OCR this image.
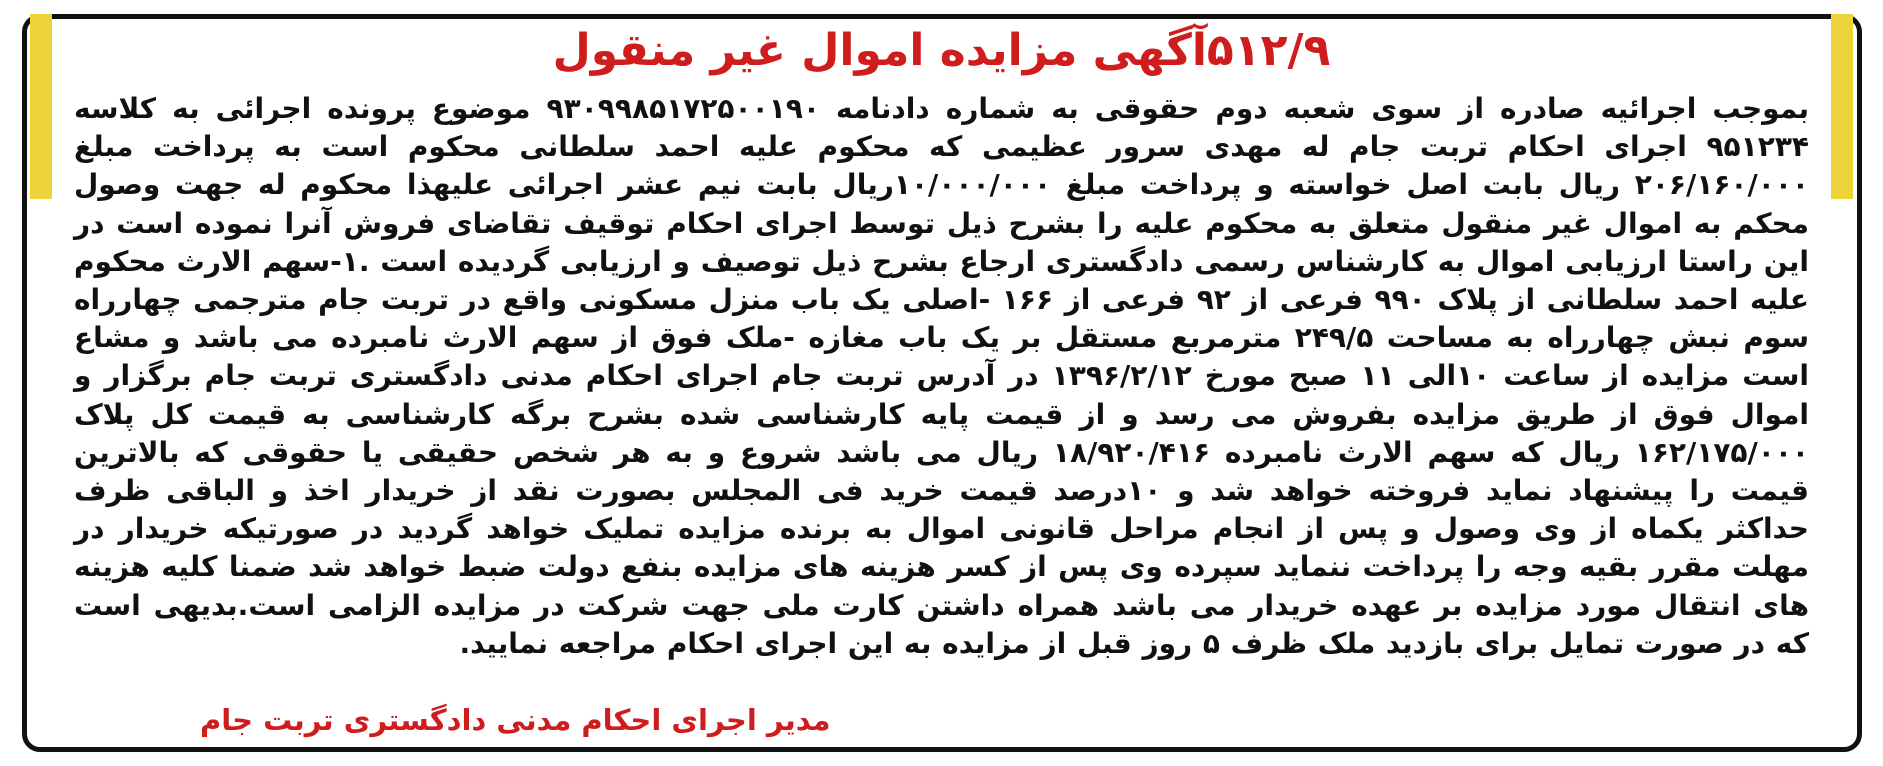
۵۱۲/۹آگهی مزایده اموال غیر منقول
بموجب اجرائیه صادره از سوی شعبه دوم حقوقی به شماره دادنامه ۹۳۰۹۹۸۵۱۷۲۵۰۰۱۹۰ موضوع پرونده اجرائی به کلاسه ۹۵۱۲۳۴ اجرای احکام تربت جام له مهدی سرور عظیمی که محکوم علیه احمد سلطانی محکوم است به پرداخت مبلغ ۲۰۶/۱۶۰/۰۰۰ ریال بابت اصل خواسته و پرداخت مبلغ ۱۰/۰۰۰/۰۰۰ریال بابت نیم عشر اجرائی علیهذا محکوم له جهت وصول محکم به اموال غیر منقول متعلق به محکوم علیه را بشرح ذیل توسط اجرای احکام توقیف تقاضای فروش آنرا نموده است در این راستا ارزیابی اموال به کارشناس رسمی دادگستری ارجاع بشرح ذیل توصیف و ارزیابی گردیده است .۱-سهم الارث محکوم علیه احمد سلطانی از پلاک ۹۹۰ فرعی از ۹۲ فرعی از ۱۶۶ -اصلی یک باب منزل مسکونی واقع در تربت جام مترجمی چهارراه سوم نبش چهارراه به مساحت ۲۴۹/۵ مترمربع مستقل بر یک باب مغازه -ملک فوق از سهم الارث نامبرده می باشد و مشاع است مزایده از ساعت ۱۰الی ۱۱ صبح مورخ ۱۳۹۶/۲/۱۲ در آدرس تربت جام اجرای احکام مدنی دادگستری تربت جام برگزار و اموال فوق از طریق مزایده بفروش می رسد و از قیمت پایه کارشناسی شده بشرح برگه کارشناسی به قیمت کل پلاک ۱۶۲/۱۷۵/۰۰۰ ریال که سهم الارث نامبرده ۱۸/۹۲۰/۴۱۶ ریال می باشد شروع و به هر شخص حقیقی یا حقوقی که بالاترین قیمت را پیشنهاد نماید فروخته خواهد شد و ۱۰درصد قیمت خرید فی المجلس بصورت نقد از خریدار اخذ و الباقی ظرف حداکثر یکماه از وی وصول و پس از انجام مراحل قانونی اموال به برنده مزایده تملیک خواهد گردید در صورتیکه خریدار در مهلت مقرر بقیه وجه را پرداخت ننماید سپرده وی پس از کسر هزینه های مزایده بنفع دولت ضبط خواهد شد ضمنا کلیه هزینه های انتقال مورد مزایده بر عهده خریدار می باشد همراه داشتن کارت ملی جهت شرکت در مزایده الزامی است.بدیهی است که در صورت تمایل برای بازدید ملک ظرف ۵ روز قبل از مزایده به این اجرای احکام مراجعه نمایید.
مدیر اجرای احکام مدنی دادگستری تربت جام
